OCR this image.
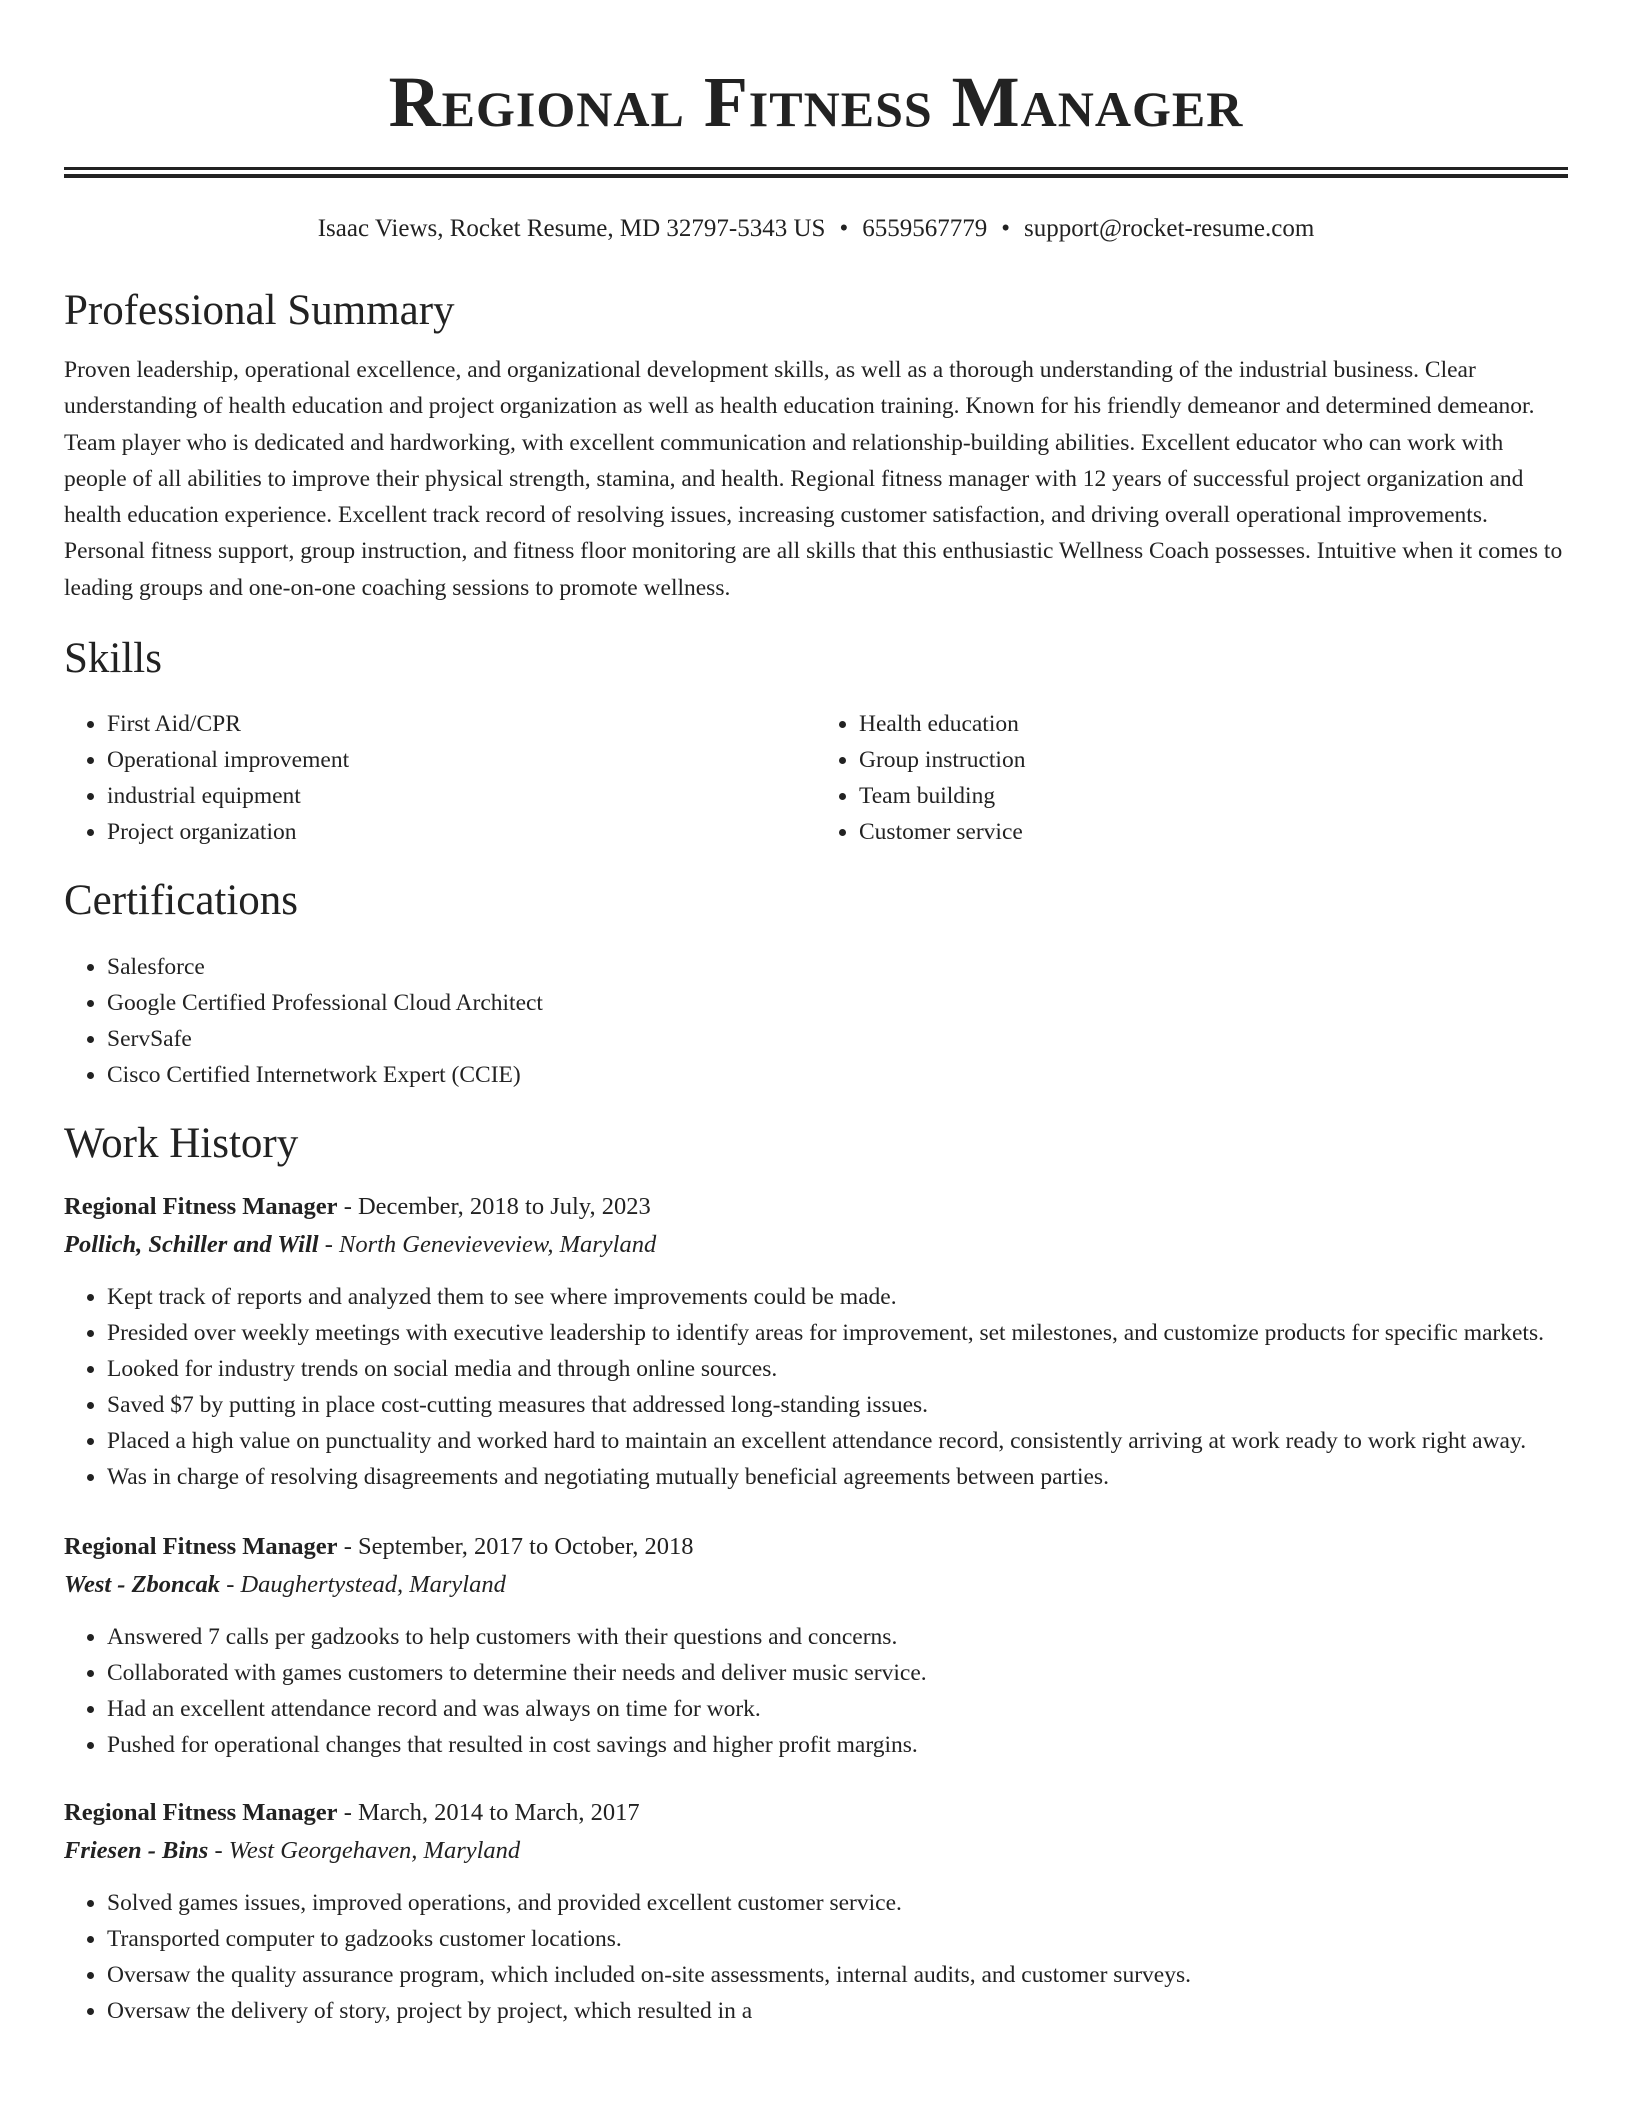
Regional Fitness Manager
Isaac Views, Rocket Resume, MD 32797-5343 US • 6559567779 • support@rocket-resume.com
Professional Summary

Proven leadership, operational excellence, and organizational development skills, as well as a thorough understanding of the industrial business. Clear understanding of health education and project organization as well as health education training. Known for his friendly demeanor and determined demeanor. Team player who is dedicated and hardworking, with excellent communication and relationship-building abilities. Excellent educator who can work with people of all abilities to improve their physical strength, stamina, and health. Regional fitness manager with 12 years of successful project organization and health education experience. Excellent track record of resolving issues, increasing customer satisfaction, and driving overall operational improvements. Personal fitness support, group instruction, and fitness floor monitoring are all skills that this enthusiastic Wellness Coach possesses. Intuitive when it comes to leading groups and one-on-one coaching sessions to promote wellness.

Skills
• First Aid/CPR
• Operational improvement
• industrial equipment
• Project organization
• Health education
• Group instruction
• Team building
• Customer service
Certifications
• Salesforce
• Google Certified Professional Cloud Architect
• ServSafe
• Cisco Certified Internetwork Expert (CCIE)
Work History
Regional Fitness Manager - December, 2018 to July, 2023
Pollich, Schiller and Will - North Genevieveview, Maryland
• Kept track of reports and analyzed them to see where improvements could be made.
• Presided over weekly meetings with executive leadership to identify areas for improvement, set milestones, and customize products for specific markets.
• Looked for industry trends on social media and through online sources.
• Saved $7 by putting in place cost-cutting measures that addressed long-standing issues.
• Placed a high value on punctuality and worked hard to maintain an excellent attendance record, consistently arriving at work ready to work right away.
• Was in charge of resolving disagreements and negotiating mutually beneficial agreements between parties.
Regional Fitness Manager - September, 2017 to October, 2018
West - Zboncak - Daughertystead, Maryland
• Answered 7 calls per gadzooks to help customers with their questions and concerns.
• Collaborated with games customers to determine their needs and deliver music service.
• Had an excellent attendance record and was always on time for work.
• Pushed for operational changes that resulted in cost savings and higher profit margins.
Regional Fitness Manager - March, 2014 to March, 2017
Friesen - Bins - West Georgehaven, Maryland
• Solved games issues, improved operations, and provided excellent customer service.
• Transported computer to gadzooks customer locations.
• Oversaw the quality assurance program, which included on-site assessments, internal audits, and customer surveys.
• Oversaw the delivery of story, project by project, which resulted in a
